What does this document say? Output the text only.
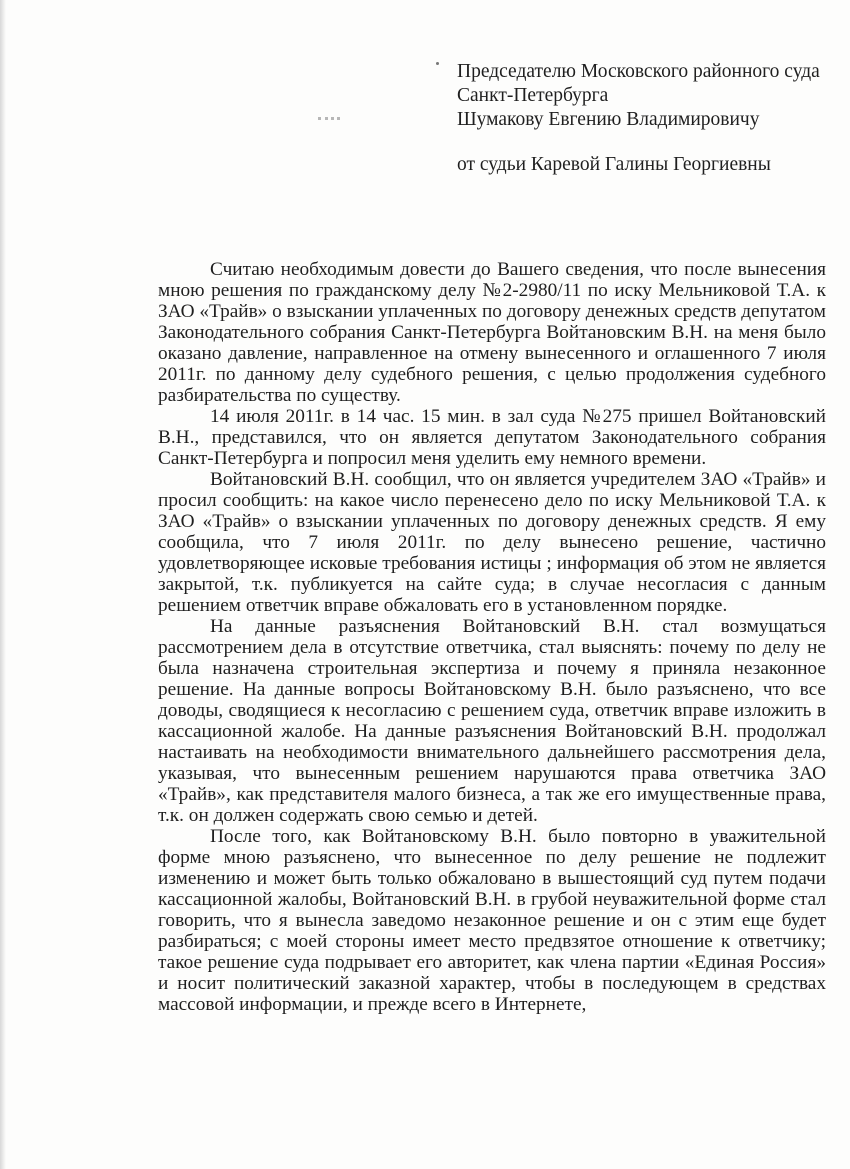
Председателю Московского районного суда
Санкт-Петербурга
Шумакову Евгению Владимировичу
от судьи Каревой Галины Георгиевны

Считаю необходимым довести до Вашего сведения, что после вынесения мною решения по гражданскому делу №2-2980/11 по иску Мельниковой Т.А. к ЗАО «Трайв» о взыскании уплаченных по договору денежных средств депутатом Законодательного собрания Санкт-Петербурга Войтановским В.Н. на меня было оказано давление, направленное на отмену вынесенного и оглашенного 7 июля 2011г. по данному делу судебного решения, с целью продолжения судебного разбирательства по существу.

14 июля 2011г. в 14 час. 15 мин. в зал суда №275 пришел Войтановский В.Н., представился, что он является депутатом Законодательного собрания Санкт-Петербурга и попросил меня уделить ему немного времени.

Войтановский В.Н. сообщил, что он является учредителем ЗАО «Трайв» и просил сообщить: на какое число перенесено дело по иску Мельниковой Т.А. к ЗАО «Трайв» о взыскании уплаченных по договору денежных средств. Я ему сообщила, что 7 июля 2011г. по делу вынесено решение, частично удовлетворяющее исковые требования истицы ; информация об этом не является закрытой, т.к. публикуется на сайте суда; в случае несогласия с данным решением ответчик вправе обжаловать его в установленном порядке.

На данные разъяснения Войтановский В.Н. стал возмущаться рассмотрением дела в отсутствие ответчика, стал выяснять: почему по делу не была назначена строительная экспертиза и почему я приняла незаконное решение. На данные вопросы Войтановскому В.Н. было разъяснено, что все доводы, сводящиеся к несогласию с решением суда, ответчик вправе изложить в кассационной жалобе. На данные разъяснения Войтановский В.Н. продолжал настаивать на необходимости внимательного дальнейшего рассмотрения дела, указывая, что вынесенным решением нарушаются права ответчика ЗАО «Трайв», как представителя малого бизнеса, а так же его имущественные права, т.к. он должен содержать свою семью и детей.

После того, как Войтановскому В.Н. было повторно в уважительной форме мною разъяснено, что вынесенное по делу решение не подлежит изменению и может быть только обжаловано в вышестоящий суд путем подачи кассационной жалобы, Войтановский В.Н. в грубой неуважительной форме стал говорить, что я вынесла заведомо незаконное решение и он с этим еще будет разбираться; с моей стороны имеет место предвзятое отношение к ответчику; такое решение суда подрывает его авторитет, как члена партии «Единая Россия» и носит политический заказной характер, чтобы в последующем в средствах массовой информации, и прежде всего в Интернете,
